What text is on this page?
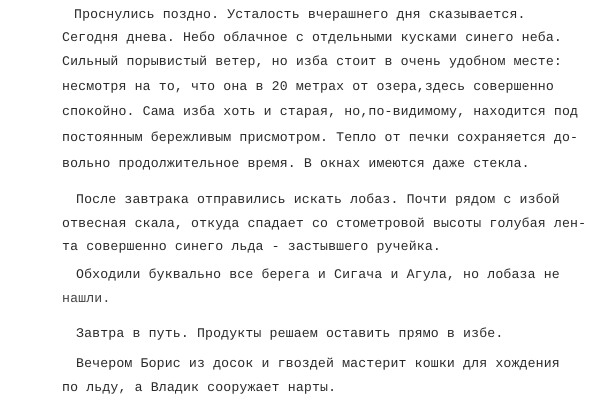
Проснулись поздно. Усталость вчерашнего дня сказывается.
Сегодня днева. Небо облачное с отдельными кусками синего неба.
Сильный порывистый ветер, но изба стоит в очень удобном месте:
несмотря на то, что она в 20 метрах от озера,здесь совершенно
спокойно. Сама изба хоть и старая, но,по-видимому, находится под
постоянным бережливым присмотром. Тепло от печки сохраняется до-
вольно продолжительное время. В окнах имеются даже стекла.
После завтрака отправились искать лобаз. Почти рядом с избой
отвесная скала, откуда спадает со стометровой высоты голубая лен-
та совершенно синего льда - застывшего ручейка.
Обходили буквально все берега и Сигача и Агула, но лобаза не
нашли.
Завтра в путь. Продукты решаем оставить прямо в избе.
Вечером Борис из досок и гвоздей мастерит кошки для хождения
по льду, а Владик сооружает нарты.
